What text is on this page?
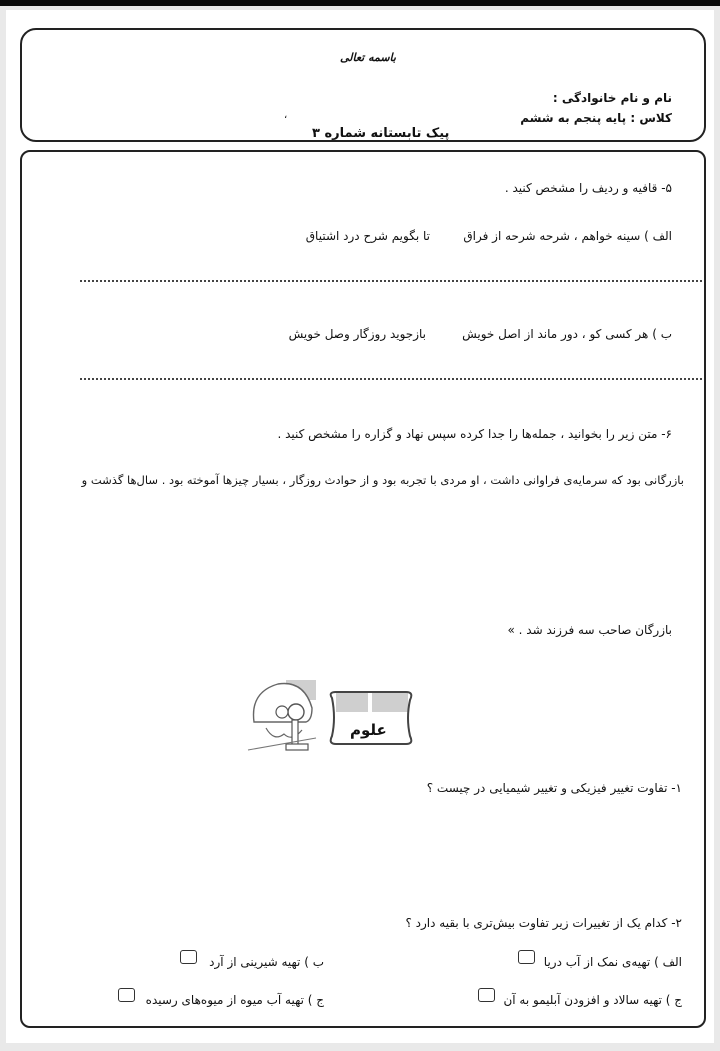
باسمه تعالی
نام و نام خانوادگی :
کلاس : پایه پنجم به ششم
،
پیک تابستانه شماره ۳
۵- قافیه و ردیف را مشخص کنید .
الف ) سینه خواهم ، شرحه شرحه از فراق
تا بگویم شرح درد اشتیاق
ب ) هر کسی کو ، دور ماند از اصل خویش
بازجوید روزگار وصل خویش
۶- متن زیر را بخوانید ، جمله‌ها را جدا کرده سپس نهاد و گزاره را مشخص کنید .
بازرگانی بود که سرمایه‌ی فراوانی داشت ، او مردی با تجربه بود و از حوادث روزگار ، بسیار چیزها آموخته بود . سال‌ها گذشت و
بازرگان صاحب سه فرزند شد . »
علوم
۱- تفاوت تغییر فیزیکی و تغییر شیمیایی در چیست ؟
۲- کدام یک از تغییرات زیر تفاوت بیش‌تری با بقیه دارد ؟
الف ) تهیه‌ی نمک از آب دریا
ب ) تهیه شیرینی از آرد
ج ) تهیه سالاد و افزودن آبلیمو به آن
ج ) تهیه آب میوه از میوه‌های رسیده
